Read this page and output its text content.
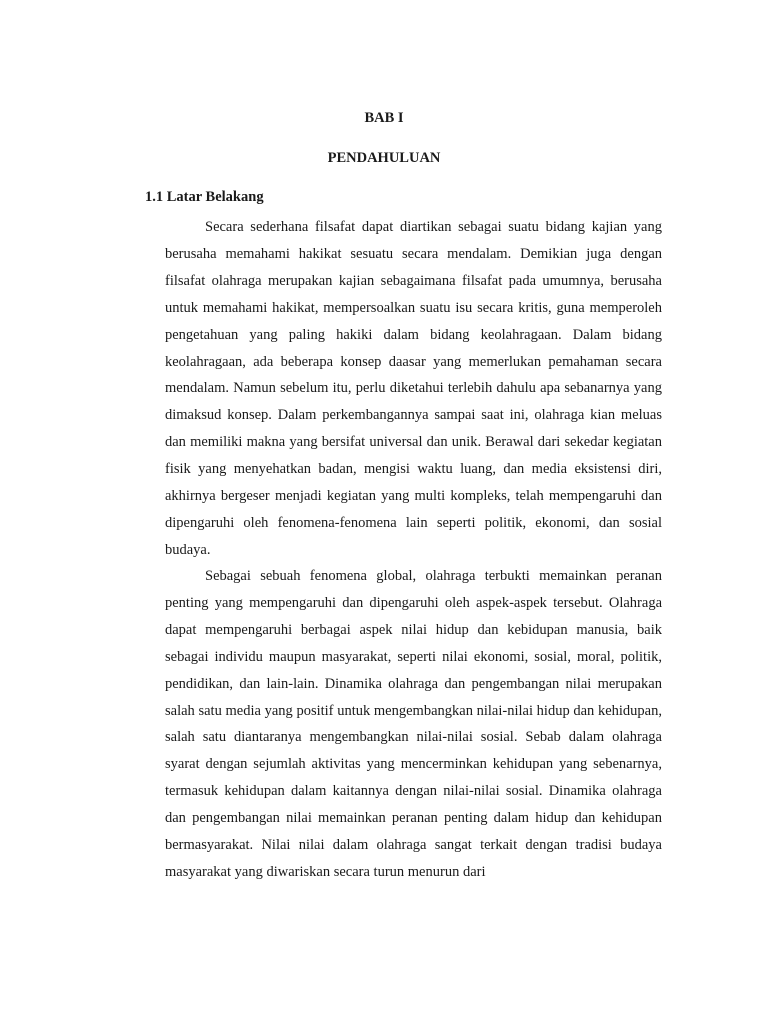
BAB I
PENDAHULUAN
1.1 Latar Belakang

Secara sederhana filsafat dapat diartikan sebagai suatu bidang kajian yang berusaha memahami hakikat sesuatu secara mendalam. Demikian juga dengan filsafat olahraga merupakan kajian sebagaimana filsafat pada umumnya, berusaha untuk memahami hakikat, mempersoalkan suatu isu secara kritis, guna memperoleh pengetahuan yang paling hakiki dalam bidang keolahragaan. Dalam bidang keolahragaan, ada beberapa konsep daasar yang memerlukan pemahaman secara mendalam. Namun sebelum itu, perlu diketahui terlebih dahulu apa sebanarnya yang dimaksud konsep. Dalam perkembangannya sampai saat ini, olahraga kian meluas dan memiliki makna yang bersifat universal dan unik. Berawal dari sekedar kegiatan fisik yang menyehatkan badan, mengisi waktu luang, dan media eksistensi diri, akhirnya bergeser menjadi kegiatan yang multi kompleks, telah mempengaruhi dan dipengaruhi oleh fenomena-fenomena lain seperti politik, ekonomi, dan sosial budaya.

Sebagai sebuah fenomena global, olahraga terbukti memainkan peranan penting yang mempengaruhi dan dipengaruhi oleh aspek-aspek tersebut. Olahraga dapat mempengaruhi berbagai aspek nilai hidup dan kebidupan manusia, baik sebagai individu maupun masyarakat, seperti nilai ekonomi, sosial, moral, politik, pendidikan, dan lain-lain. Dinamika olahraga dan pengembangan nilai merupakan salah satu media yang positif untuk mengembangkan nilai-nilai hidup dan kehidupan, salah satu diantaranya mengembangkan nilai-nilai sosial. Sebab dalam olahraga syarat dengan sejumlah aktivitas yang mencerminkan kehidupan yang sebenarnya, termasuk kehidupan dalam kaitannya dengan nilai-nilai sosial. Dinamika olahraga dan pengembangan nilai memainkan peranan penting dalam hidup dan kehidupan bermasyarakat. Nilai nilai dalam olahraga sangat terkait dengan tradisi budaya masyarakat yang diwariskan secara turun menurun dari
